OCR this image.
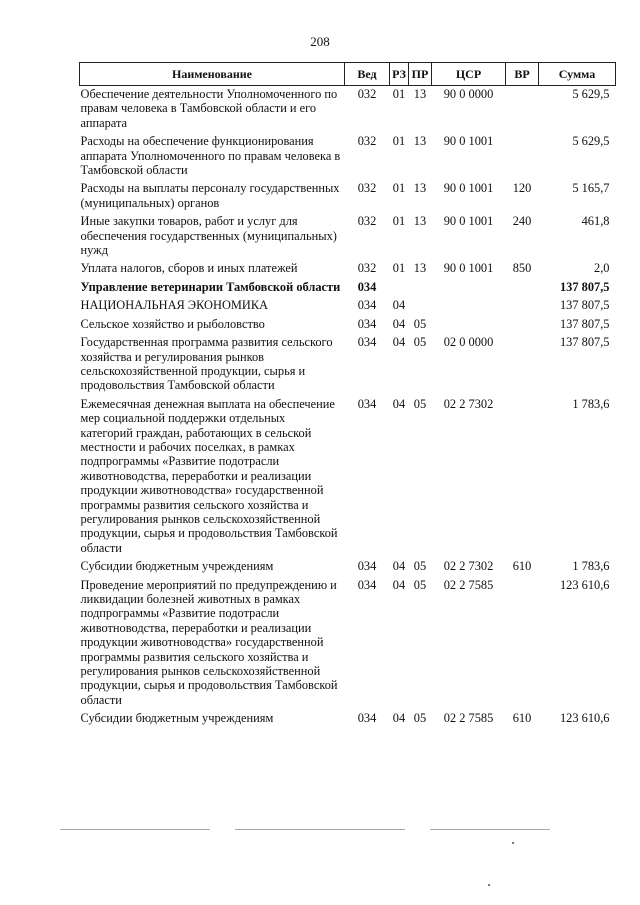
208
Наименование	Вед	РЗ	ПР	ЦСР	ВР	Сумма
Обеспечение деятельности Уполномоченного по правам человека в Тамбовской области и его аппарата	032	01	13	90 0 0000		5 629,5
Расходы на обеспечение функционирования аппарата Уполномоченного по правам человека в Тамбовской области	032	01	13	90 0 1001		5 629,5
Расходы на выплаты персоналу государственных (муниципальных) органов	032	01	13	90 0 1001	120	5 165,7
Иные закупки товаров, работ и услуг для обеспечения государственных (муниципальных) нужд	032	01	13	90 0 1001	240	461,8
Уплата налогов, сборов и иных платежей	032	01	13	90 0 1001	850	2,0
Управление ветеринарии Тамбовской области	034					137 807,5
НАЦИОНАЛЬНАЯ ЭКОНОМИКА	034	04				137 807,5
Сельское хозяйство и рыболовство	034	04	05			137 807,5
Государственная программа развития сельского хозяйства и регулирования рынков сельскохозяйственной продукции, сырья и продовольствия Тамбовской области	034	04	05	02 0 0000		137 807,5
Ежемесячная денежная выплата на обеспечение мер социальной поддержки отдельных категорий граждан, работающих в сельской местности и рабочих поселках, в рамках подпрограммы «Развитие подотрасли животноводства, переработки и реализации продукции животноводства» государственной программы развития сельского хозяйства и регулирования рынков сельскохозяйственной продукции, сырья и продовольствия Тамбовской области	034	04	05	02 2 7302		1 783,6
Субсидии бюджетным учреждениям	034	04	05	02 2 7302	610	1 783,6
Проведение мероприятий по предупреждению и ликвидации болезней животных в рамках подпрограммы «Развитие подотрасли животноводства, переработки и реализации продукции животноводства» государственной программы развития сельского хозяйства и регулирования рынков сельскохозяйственной продукции, сырья и продовольствия Тамбовской области	034	04	05	02 2 7585		123 610,6
Субсидии бюджетным учреждениям	034	04	05	02 2 7585	610	123 610,6
